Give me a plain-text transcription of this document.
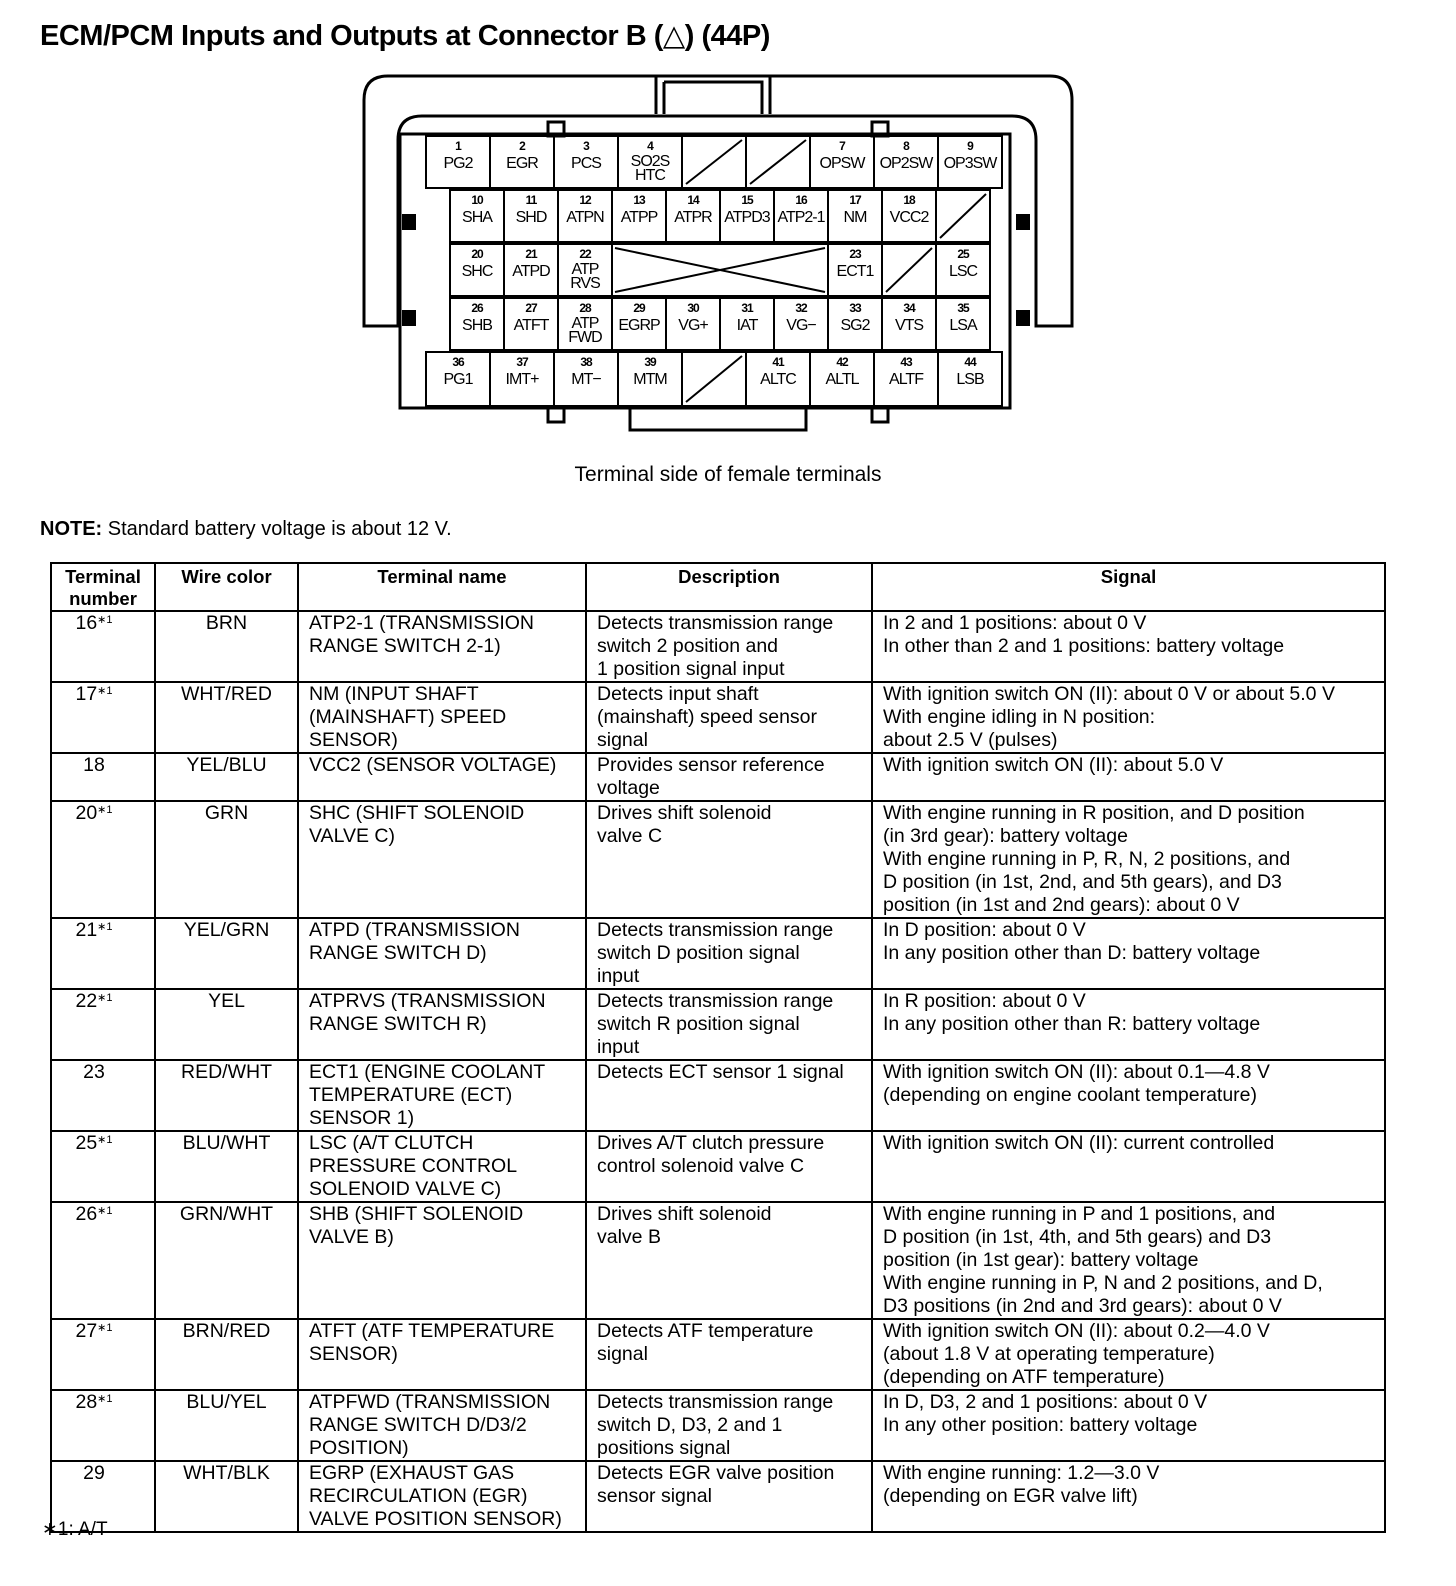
ECM/PCM Inputs and Outputs at Connector B (△) (44P)
1
PG2
2
EGR
3
PCS
4
SO2S
HTC
7
OPSW
8
OP2SW
9
OP3SW
10
SHA
11
SHD
12
ATPN
13
ATPP
14
ATPR
15
ATPD3
16
ATP2-1
17
NM
18
VCC2
20
SHC
21
ATPD
22
ATP
RVS
23
ECT1
25
LSC
26
SHB
27
ATFT
28
ATP
FWD
29
EGRP
30
VG+
31
IAT
32
VG−
33
SG2
34
VTS
35
LSA
36
PG1
37
IMT+
38
MT−
39
MTM
41
ALTC
42
ALTL
43
ALTF
44
LSB
Terminal side of female terminals
NOTE: Standard battery voltage is about 12 V.
Terminal
number	Wire color	Terminal name	Description	Signal
$16^{∗1}$	BRN	ATP2-1 (TRANSMISSION
RANGE SWITCH 2-1)	Detects transmission range
switch 2 position and
1 position signal input	In 2 and 1 positions: about 0 V
In other than 2 and 1 positions: battery voltage

$17^{∗1}$	WHT/RED	NM (INPUT SHAFT
(MAINSHAFT) SPEED
SENSOR)	Detects input shaft
(mainshaft) speed sensor
signal	With ignition switch ON (II): about 0 V or about 5.0 V
With engine idling in N position:
about 2.5 V (pulses)

18	YEL/BLU	VCC2 (SENSOR VOLTAGE)	Provides sensor reference
voltage	With ignition switch ON (II): about 5.0 V

$20^{∗1}$	GRN	SHC (SHIFT SOLENOID
VALVE C)	Drives shift solenoid
valve C	With engine running in R position, and D position
(in 3rd gear): battery voltage
With engine running in P, R, N, 2 positions, and
D position (in 1st, 2nd, and 5th gears), and D3
position (in 1st and 2nd gears): about 0 V

$21^{∗1}$	YEL/GRN	ATPD (TRANSMISSION
RANGE SWITCH D)	Detects transmission range
switch D position signal
input	In D position: about 0 V
In any position other than D: battery voltage

$22^{∗1}$	YEL	ATPRVS (TRANSMISSION
RANGE SWITCH R)	Detects transmission range
switch R position signal
input	In R position: about 0 V
In any position other than R: battery voltage

23	RED/WHT	ECT1 (ENGINE COOLANT
TEMPERATURE (ECT)
SENSOR 1)	Detects ECT sensor 1 signal	With ignition switch ON (II): about 0.1—4.8 V
(depending on engine coolant temperature)

$25^{∗1}$	BLU/WHT	LSC (A/T CLUTCH
PRESSURE CONTROL
SOLENOID VALVE C)	Drives A/T clutch pressure
control solenoid valve C	With ignition switch ON (II): current controlled

$26^{∗1}$	GRN/WHT	SHB (SHIFT SOLENOID
VALVE B)	Drives shift solenoid
valve B	With engine running in P and 1 positions, and
D position (in 1st, 4th, and 5th gears) and D3
position (in 1st gear): battery voltage
With engine running in P, N and 2 positions, and D,
D3 positions (in 2nd and 3rd gears): about 0 V

$27^{∗1}$	BRN/RED	ATFT (ATF TEMPERATURE
SENSOR)	Detects ATF temperature
signal	With ignition switch ON (II): about 0.2—4.0 V
(about 1.8 V at operating temperature)
(depending on ATF temperature)

$28^{∗1}$	BLU/YEL	ATPFWD (TRANSMISSION
RANGE SWITCH D/D3/2
POSITION)	Detects transmission range
switch D, D3, 2 and 1
positions signal	In D, D3, 2 and 1 positions: about 0 V
In any other position: battery voltage

29	WHT/BLK	EGRP (EXHAUST GAS
RECIRCULATION (EGR)
VALVE POSITION SENSOR)	Detects EGR valve position
sensor signal	With engine running: 1.2—3.0 V
(depending on EGR valve lift)
∗1: A/T
